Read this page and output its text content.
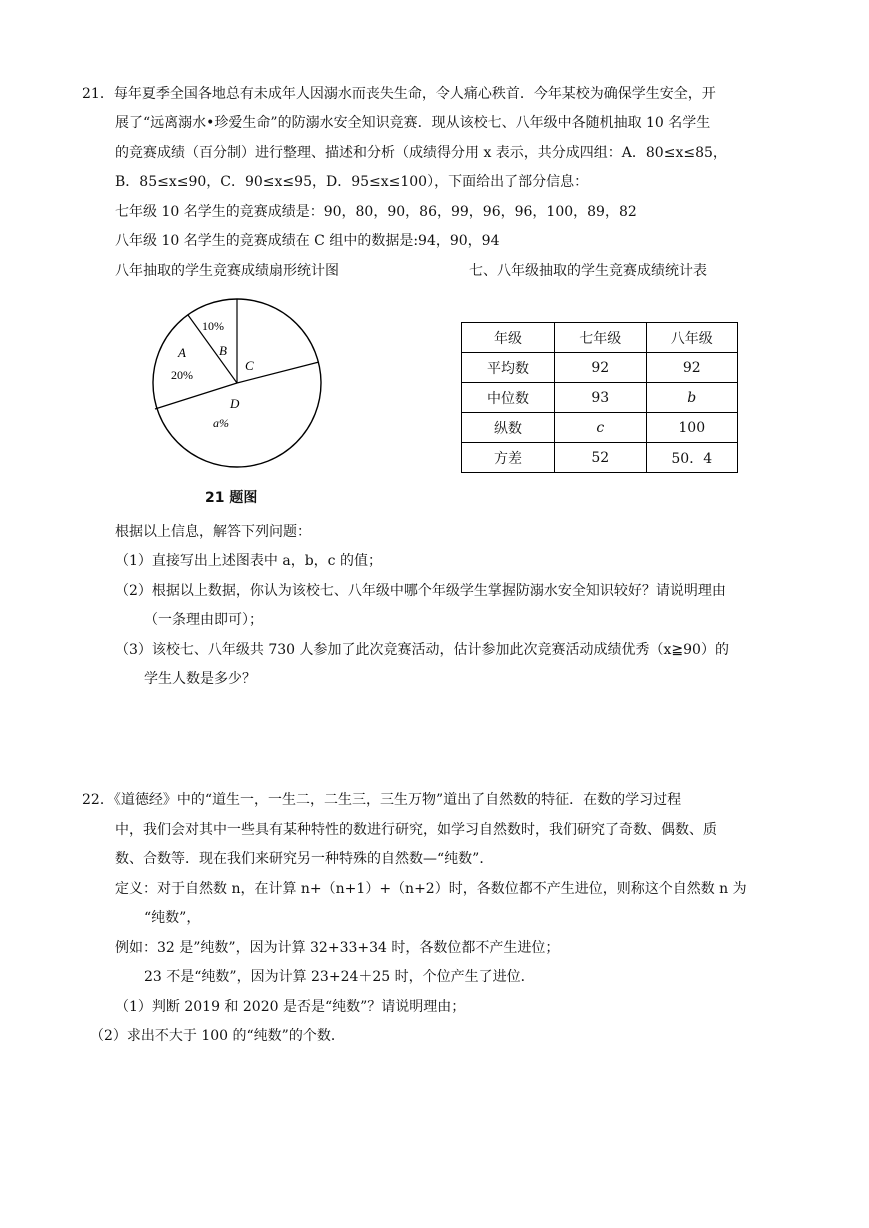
21．每年夏季全国各地总有未成年人因溺水而丧失生命，令人痛心秩首．今年某校为确保学生安全，开
展了“远离溺水•珍爱生命”的防溺水安全知识竞赛．现从该校七、八年级中各随机抽取 10 名学生
的竞赛成绩（百分制）进行整理、描述和分析（成绩得分用 x 表示，共分成四组：A．80≤x≤85，
B．85≤x≤90，C．90≤x≤95，D．95≤x≤100），下面给出了部分信息：
七年级 10 名学生的竞赛成绩是：90，80，90，86，99，96，96，100，89，82
八年级 10 名学生的竞赛成绩在 C 组中的数据是:94，90，94
八年抽取的学生竞赛成绩扇形统计图	七、八年级抽取的学生竞赛成绩统计表
10%
A	B
C
20%
D
a%
21 题图
年级	七年级	八年级
平均数	92	92
中位数	93	b
纵数	c	100
方差	52	50．4
根据以上信息，解答下列问题：
（1）直接写出上述图表中 a，b，c 的值；
（2）根据以上数据，你认为该校七、八年级中哪个年级学生掌握防溺水安全知识较好？请说明理由
（一条理由即可）；
（3）该校七、八年级共 730 人参加了此次竞赛活动，估计参加此次竞赛活动成绩优秀（x≧90）的
学生人数是多少？
22．《道德经》中的“道生一，一生二，二生三，三生万物”道出了自然数的特征．在数的学习过程
中，我们会对其中一些具有某种特性的数进行研究，如学习自然数时，我们研究了奇数、偶数、质
数、合数等．现在我们来研究另一种特殊的自然数—“纯数”．
定义：对于自然数 n，在计算 n+（n+1）+（n+2）时，各数位都不产生进位，则称这个自然数 n 为
“纯数”，
例如：32 是”纯数”，因为计算 32+33+34 时，各数位都不产生进位；
23 不是“纯数”，因为计算 23+24＋25 时，个位产生了进位．
（1）判断 2019 和 2020 是否是“纯数”？请说明理由；
（2）求出不大于 100 的“纯数”的个数．
